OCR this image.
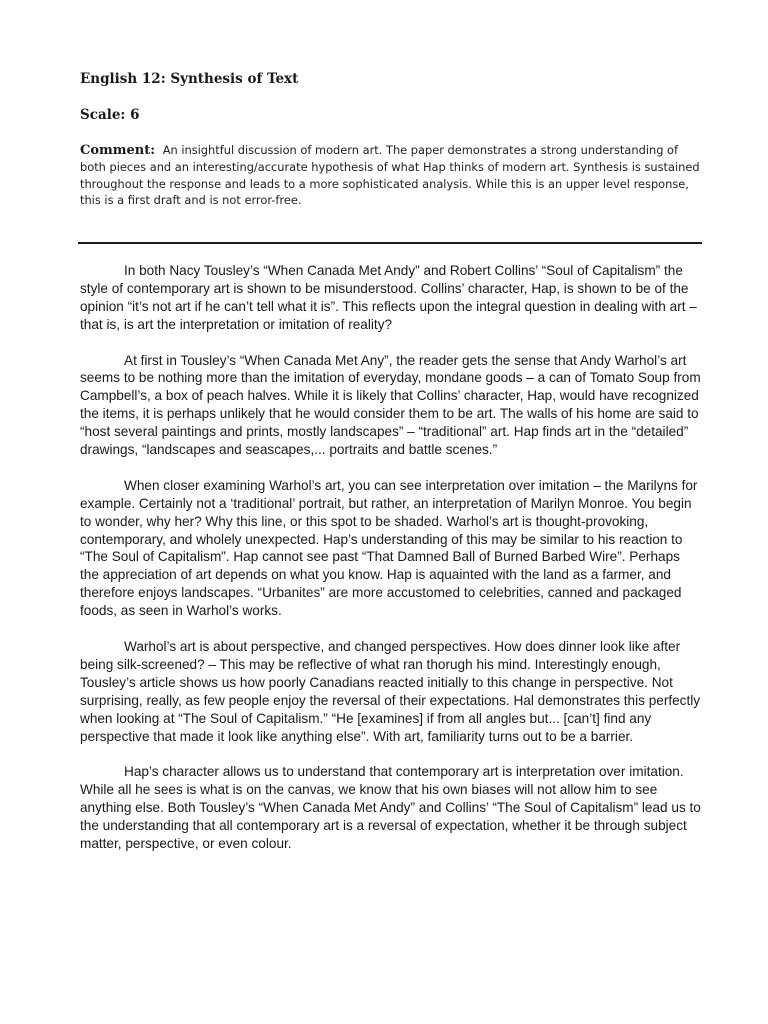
English 12: Synthesis of Text
Scale: 6
Comment: An insightful discussion of modern art. The paper demonstrates a strong understanding of both pieces and an interesting/accurate hypothesis of what Hap thinks of modern art. Synthesis is sustained throughout the response and leads to a more sophisticated analysis. While this is an upper level response, this is a first draft and is not error-free.

In both Nacy Tousley’s “When Canada Met Andy” and Robert Collins’ “Soul of Capitalism” the style of contemporary art is shown to be misunderstood. Collins’ character, Hap, is shown to be of the opinion “it’s not art if he can’t tell what it is”. This reflects upon the integral question in dealing with art – that is, is art the interpretation or imitation of reality?

At first in Tousley’s “When Canada Met Any”, the reader gets the sense that Andy Warhol’s art seems to be nothing more than the imitation of everyday, mondane goods – a can of Tomato Soup from Campbell’s, a box of peach halves. While it is likely that Collins’ character, Hap, would have recognized the items, it is perhaps unlikely that he would consider them to be art. The walls of his home are said to “host several paintings and prints, mostly landscapes” – “traditional” art. Hap finds art in the “detailed” drawings, “landscapes and seascapes,... portraits and battle scenes.”

When closer examining Warhol’s art, you can see interpretation over imitation – the Marilyns for example. Certainly not a ‘traditional’ portrait, but rather, an interpretation of Marilyn Monroe. You begin to wonder, why her? Why this line, or this spot to be shaded. Warhol’s art is thought-provoking, contemporary, and wholely unexpected. Hap’s understanding of this may be similar to his reaction to “The Soul of Capitalism”. Hap cannot see past “That Damned Ball of Burned Barbed Wire”. Perhaps the appreciation of art depends on what you know. Hap is aquainted with the land as a farmer, and therefore enjoys landscapes. “Urbanites” are more accustomed to celebrities, canned and packaged foods, as seen in Warhol’s works.

Warhol’s art is about perspective, and changed perspectives. How does dinner look like after being silk-screened? – This may be reflective of what ran thorugh his mind. Interestingly enough, Tousley’s article shows us how poorly Canadians reacted initially to this change in perspective. Not surprising, really, as few people enjoy the reversal of their expectations. Hal demonstrates this perfectly when looking at “The Soul of Capitalism.” “He [examines] if from all angles but... [can’t] find any perspective that made it look like anything else”. With art, familiarity turns out to be a barrier.

Hap’s character allows us to understand that contemporary art is interpretation over imitation. While all he sees is what is on the canvas, we know that his own biases will not allow him to see anything else. Both Tousley’s “When Canada Met Andy” and Collins’ “The Soul of Capitalism” lead us to the understanding that all contemporary art is a reversal of expectation, whether it be through subject matter, perspective, or even colour.
